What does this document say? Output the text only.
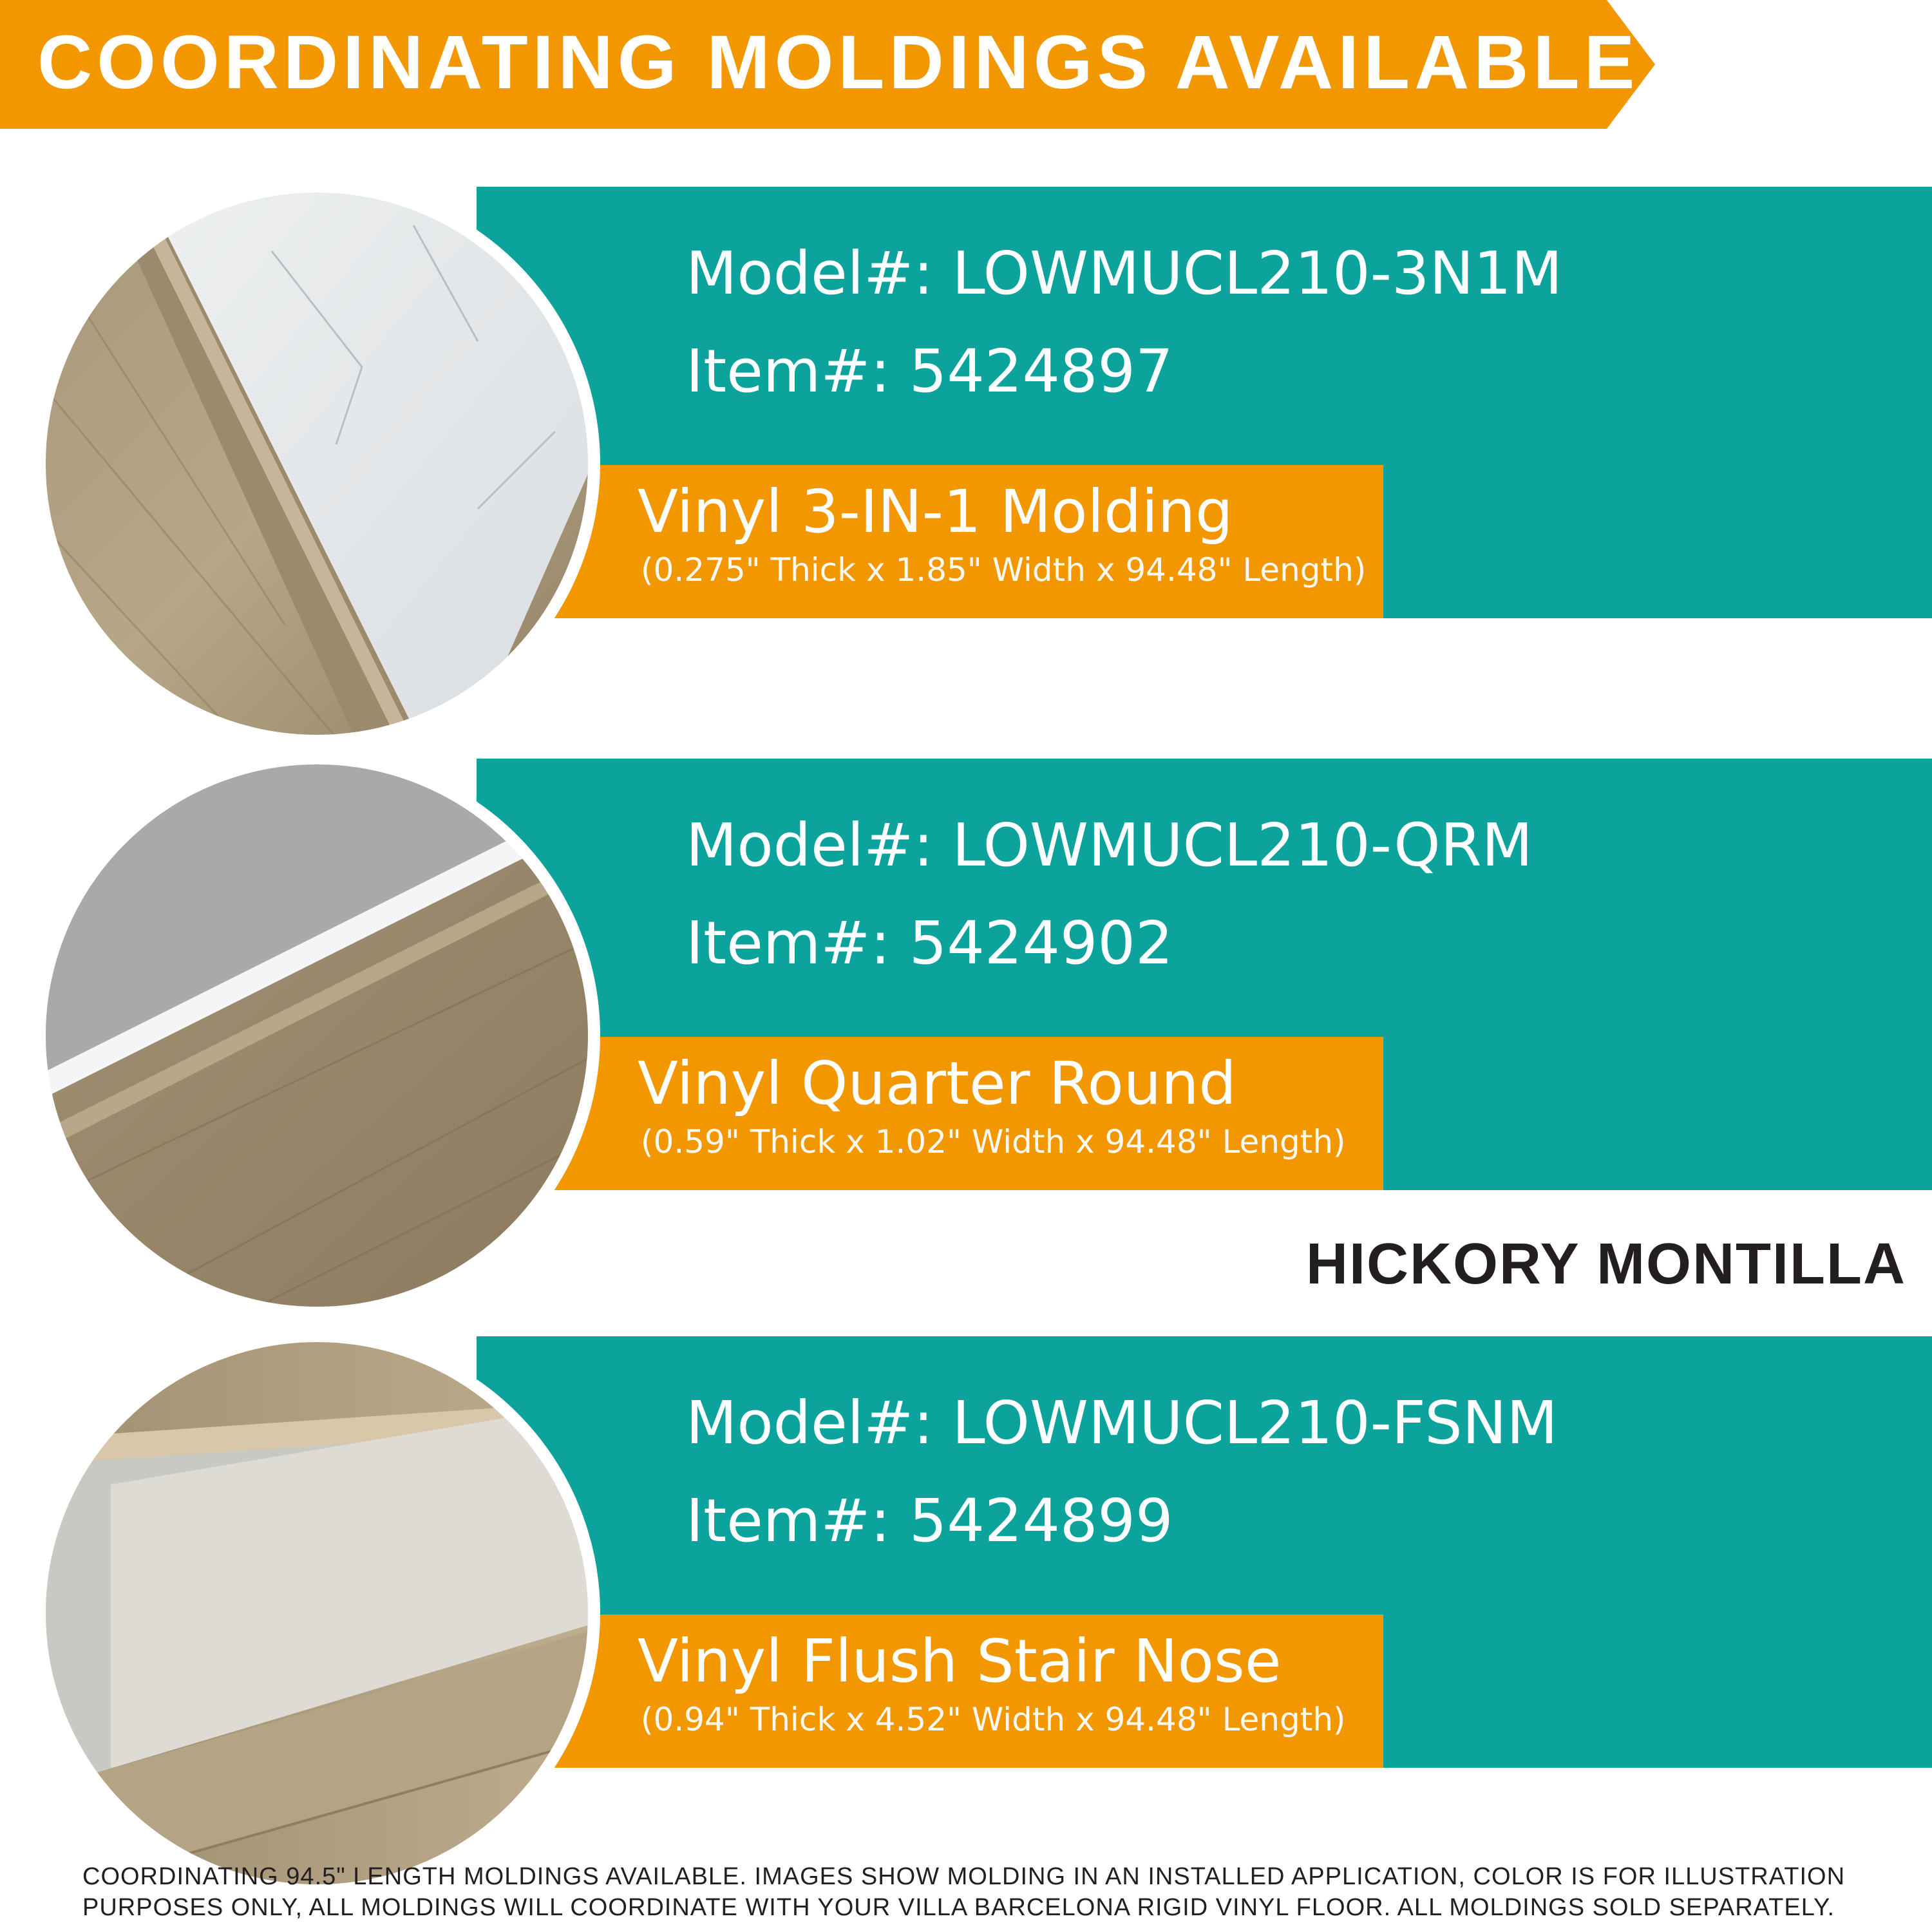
COORDINATING MOLDINGS AVAILABLE
Model#: LOWMUCL210-3N1M
Item#: 5424897
Vinyl 3-IN-1 Molding
(0.275" Thick x 1.85" Width x 94.48" Length)
Model#: LOWMUCL210-QRM
Item#: 5424902
Vinyl Quarter Round
(0.59" Thick x 1.02" Width x 94.48" Length)
HICKORY MONTILLA
Model#: LOWMUCL210-FSNM
Item#: 5424899
Vinyl Flush Stair Nose
(0.94" Thick x 4.52" Width x 94.48" Length)
COORDINATING 94.5" LENGTH MOLDINGS AVAILABLE. IMAGES SHOW MOLDING IN AN INSTALLED APPLICATION, COLOR IS FOR ILLUSTRATION PURPOSES ONLY, ALL MOLDINGS WILL COORDINATE WITH YOUR VILLA BARCELONA RIGID VINYL FLOOR. ALL MOLDINGS SOLD SEPARATELY.
